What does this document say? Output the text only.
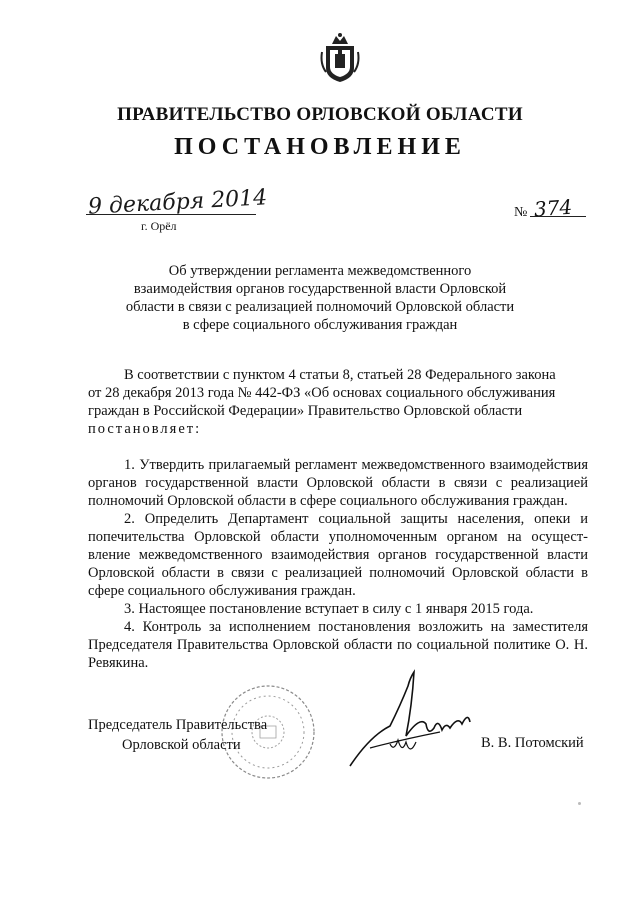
ПРАВИТЕЛЬСТВО ОРЛОВСКОЙ ОБЛАСТИ
ПОСТАНОВЛЕНИЕ
9 декабря 2014
г. Орёл
№ 374
Об утверждении регламента межведомственного
взаимодействия органов государственной власти Орловской
области в связи с реализацией полномочий Орловской области
в сфере социального обслуживания граждан
В соответствии с пунктом 4 статьи 8, статьей 28 Федерального закона
от 28 декабря 2013 года № 442-ФЗ «Об основах социального обслуживания
граждан в Российской Федерации» Правительство Орловской области
постановляет:

1. Утвердить прилагаемый регламент межведомственного взаимодействия органов государственной власти Орловской области в связи с реализацией полномочий Орловской области в сфере социального обслуживания граждан.

2. Определить Департамент социальной защиты населения, опеки и попечительства Орловской области уполномоченным органом на осущест-вление межведомственного взаимодействия органов государственной власти Орловской области в связи с реализацией полномочий Орловской области в сфере социального обслуживания граждан.

3. Настоящее постановление вступает в силу с 1 января 2015 года.

4. Контроль за исполнением постановления возложить на заместителя Председателя Правительства Орловской области по социальной политике О. Н. Ревякина.

Председатель Правительства
Орловской области	В. В. Потомский
